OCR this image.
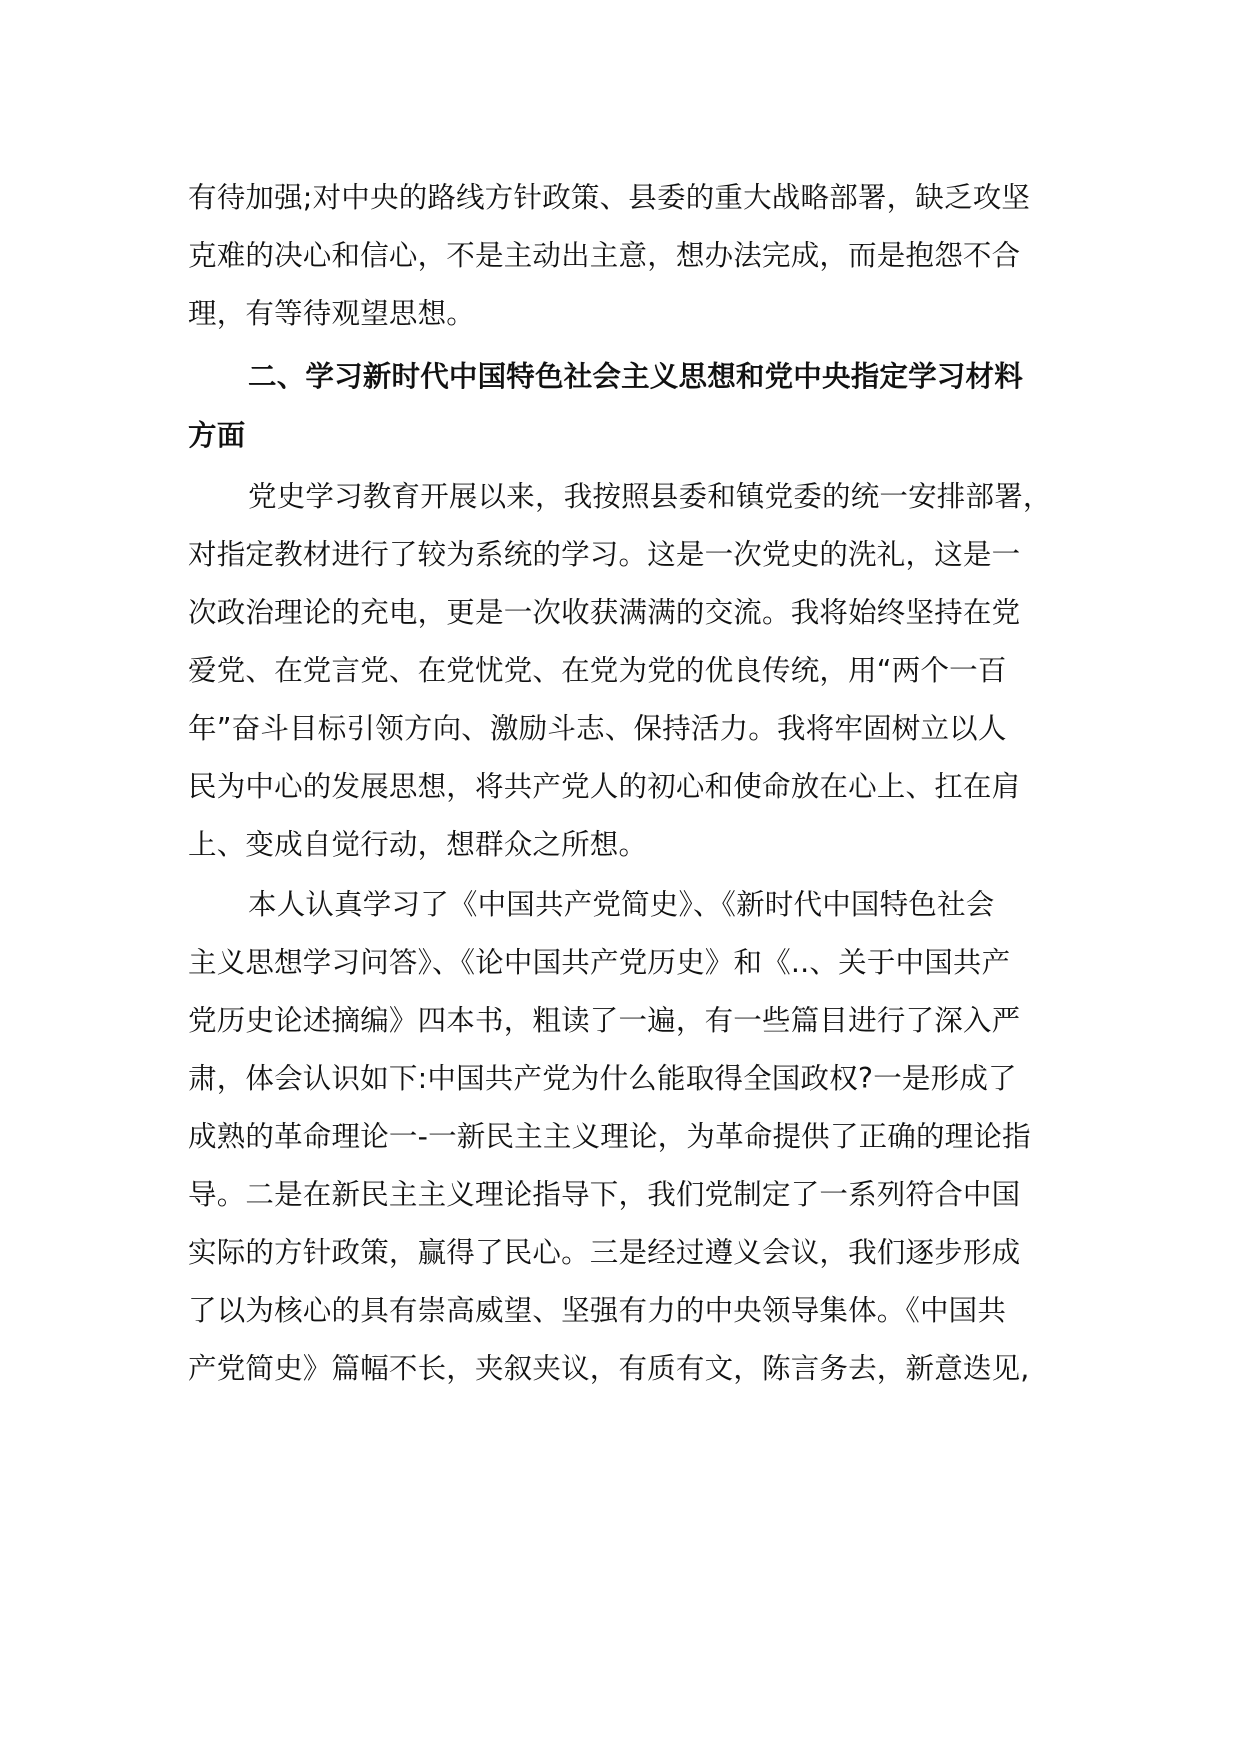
有待加强;对中央的路线方针政策、县委的重大战略部署，缺乏攻坚
克难的决心和信心，不是主动出主意，想办法完成，而是抱怨不合
理，有等待观望思想。
二、学习新时代中国特色社会主义思想和党中央指定学习材料
方面
党史学习教育开展以来，我按照县委和镇党委的统一安排部署，
对指定教材进行了较为系统的学习。这是一次党史的洗礼，这是一
次政治理论的充电，更是一次收获满满的交流。我将始终坚持在党
爱党、在党言党、在党忧党、在党为党的优良传统，用“两个一百
年”奋斗目标引领方向、激励斗志、保持活力。我将牢固树立以人
民为中心的发展思想，将共产党人的初心和使命放在心上、扛在肩
上、变成自觉行动，想群众之所想。
本人认真学习了《中国共产党简史》、《新时代中国特色社会
主义思想学习问答》、《论中国共产党历史》和《..、关于中国共产
党历史论述摘编》四本书，粗读了一遍，有一些篇目进行了深入严
肃，体会认识如下:中国共产党为什么能取得全国政权?一是形成了
成熟的革命理论一-一新民主主义理论，为革命提供了正确的理论指
导。二是在新民主主义理论指导下，我们党制定了一系列符合中国
实际的方针政策，赢得了民心。三是经过遵义会议，我们逐步形成
了以为核心的具有崇高威望、坚强有力的中央领导集体。《中国共
产党简史》篇幅不长，夹叙夹议，有质有文，陈言务去，新意迭见,
